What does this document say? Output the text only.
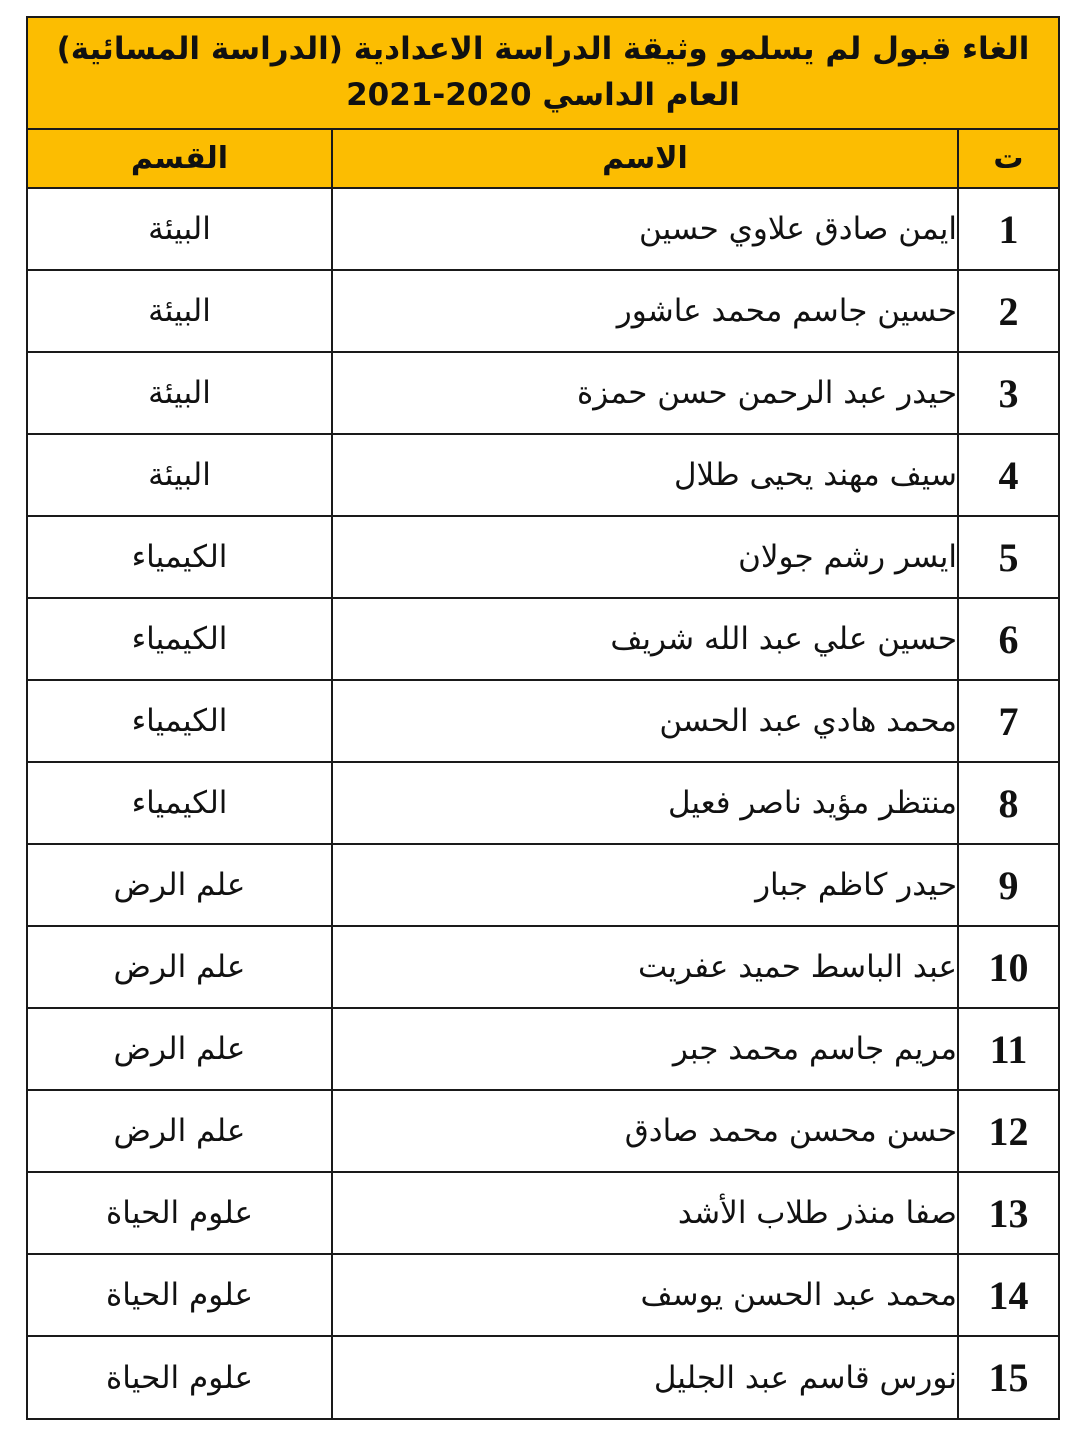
الغاء قبول لم يسلمو وثيقة الدراسة الاعدادية (الدراسة المسائية)
العام الداسي 2020-2021
ت	الاسم	القسم
1	ايمن صادق علاوي حسين	البيئة
2	حسين جاسم محمد عاشور	البيئة
3	حيدر عبد الرحمن حسن حمزة	البيئة
4	سيف مهند يحيى طلال	البيئة
5	ايسر رشم جولان	الكيمياء
6	حسين علي عبد الله شريف	الكيمياء
7	محمد هادي عبد الحسن	الكيمياء
8	منتظر مؤيد ناصر فعيل	الكيمياء
9	حيدر كاظم جبار	علم الرض
10	عبد الباسط حميد عفريت	علم الرض
11	مريم جاسم محمد جبر	علم الرض
12	حسن محسن محمد صادق	علم الرض
13	صفا منذر طلاب الأشد	علوم الحياة
14	محمد عبد الحسن يوسف	علوم الحياة
15	نورس قاسم عبد الجليل	علوم الحياة
